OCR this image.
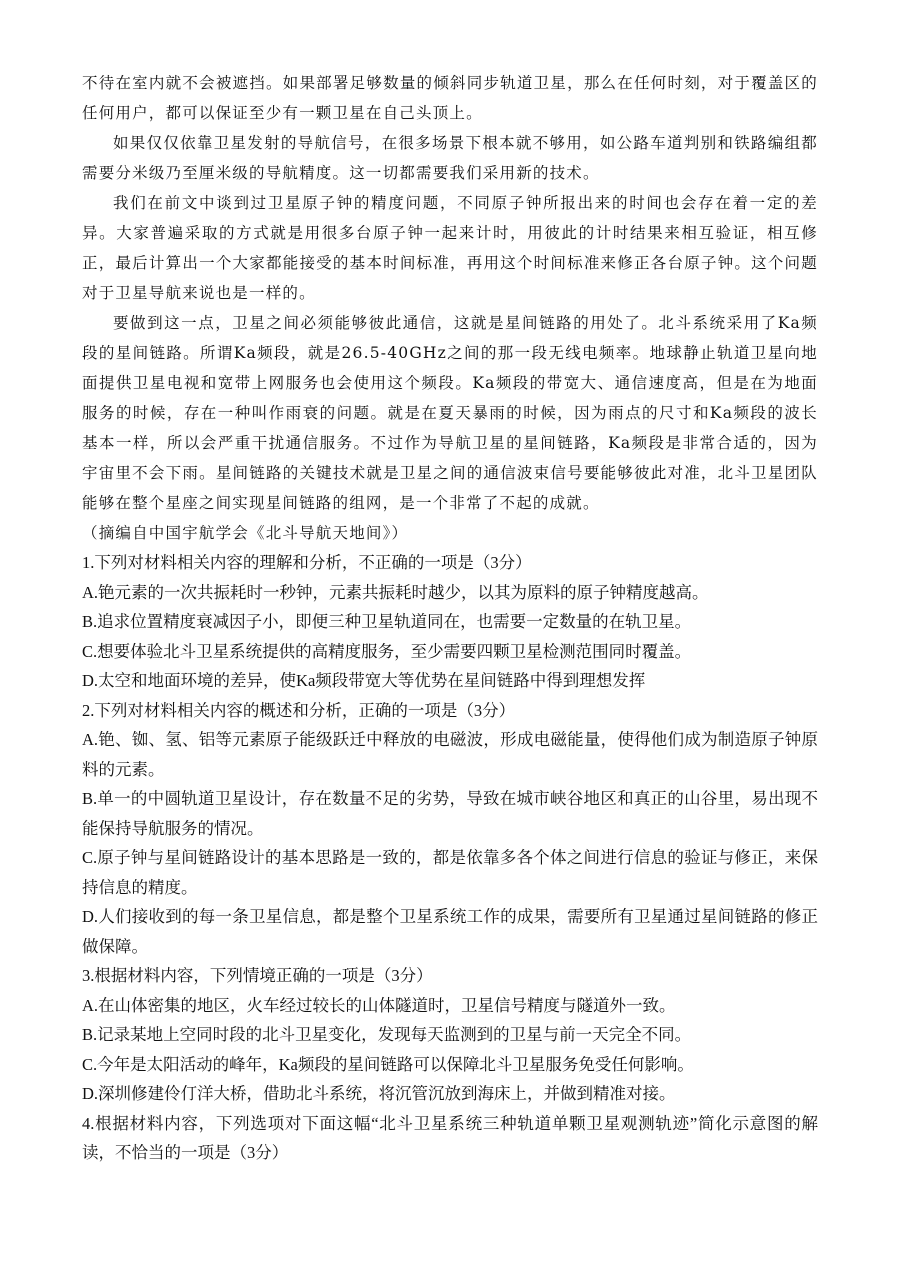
不待在室内就不会被遮挡。如果部署足够数量的倾斜同步轨道卫星，那么在任何时刻，对于覆盖区的任何用户，都可以保证至少有一颗卫星在自己头顶上。

如果仅仅依靠卫星发射的导航信号，在很多场景下根本就不够用，如公路车道判别和铁路编组都需要分米级乃至厘米级的导航精度。这一切都需要我们采用新的技术。

我们在前文中谈到过卫星原子钟的精度问题，不同原子钟所报出来的时间也会存在着一定的差异。大家普遍采取的方式就是用很多台原子钟一起来计时，用彼此的计时结果来相互验证，相互修正，最后计算出一个大家都能接受的基本时间标准，再用这个时间标准来修正各台原子钟。这个问题对于卫星导航来说也是一样的。

要做到这一点，卫星之间必须能够彼此通信，这就是星间链路的用处了。北斗系统采用了Ka频段的星间链路。所谓Ka频段，就是26.5-40GHz之间的那一段无线电频率。地球静止轨道卫星向地面提供卫星电视和宽带上网服务也会使用这个频段。Ka频段的带宽大、通信速度高，但是在为地面服务的时候，存在一种叫作雨衰的问题。就是在夏天暴雨的时候，因为雨点的尺寸和Ka频段的波长基本一样，所以会严重干扰通信服务。不过作为导航卫星的星间链路，Ka频段是非常合适的，因为宇宙里不会下雨。星间链路的关键技术就是卫星之间的通信波束信号要能够彼此对准，北斗卫星团队能够在整个星座之间实现星间链路的组网，是一个非常了不起的成就。

（摘编自中国宇航学会《北斗导航天地间》）

1.下列对材料相关内容的理解和分析，不正确的一项是（3分）

A.铯元素的一次共振耗时一秒钟，元素共振耗时越少，以其为原料的原子钟精度越高。

B.追求位置精度衰减因子小，即便三种卫星轨道同在，也需要一定数量的在轨卫星。

C.想要体验北斗卫星系统提供的高精度服务，至少需要四颗卫星检测范围同时覆盖。

D.太空和地面环境的差异，使Ka频段带宽大等优势在星间链路中得到理想发挥

2.下列对材料相关内容的概述和分析，正确的一项是（3分）

A.铯、铷、氢、铝等元素原子能级跃迁中释放的电磁波，形成电磁能量，使得他们成为制造原子钟原料的元素。

B.单一的中圆轨道卫星设计，存在数量不足的劣势，导致在城市峡谷地区和真正的山谷里，易出现不能保持导航服务的情况。

C.原子钟与星间链路设计的基本思路是一致的，都是依靠多各个体之间进行信息的验证与修正，来保持信息的精度。

D.人们接收到的每一条卫星信息，都是整个卫星系统工作的成果，需要所有卫星通过星间链路的修正做保障。

3.根据材料内容，下列情境正确的一项是（3分）

A.在山体密集的地区，火车经过较长的山体隧道时，卫星信号精度与隧道外一致。

B.记录某地上空同时段的北斗卫星变化，发现每天监测到的卫星与前一天完全不同。

C.今年是太阳活动的峰年，Ka频段的星间链路可以保障北斗卫星服务免受任何影响。

D.深圳修建伶仃洋大桥，借助北斗系统，将沉管沉放到海床上，并做到精准对接。

4.根据材料内容，下列选项对下面这幅“北斗卫星系统三种轨道单颗卫星观测轨迹”简化示意图的解读，不恰当的一项是（3分）
